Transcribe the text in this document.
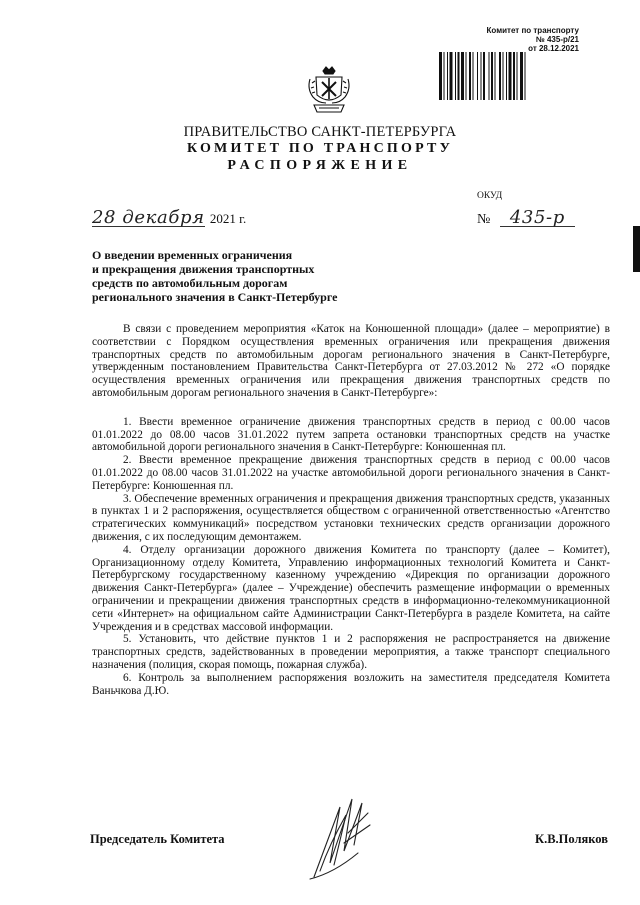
Комитет по транспорту
№ 435-р/21
от 28.12.2021
ПРАВИТЕЛЬСТВО САНКТ-ПЕТЕРБУРГА
КОМИТЕТ ПО ТРАНСПОРТУ
РАСПОРЯЖЕНИЕ
ОКУД
28 декабря 2021 г.	№ 435-р
О введении временных ограничения
и прекращения движения транспортных
средств по автомобильным дорогам
регионального значения в Санкт-Петербурге

В связи с проведением мероприятия «Каток на Конюшенной площади» (далее – мероприятие) в соответствии с Порядком осуществления временных ограничения или прекращения движения транспортных средств по автомобильным дорогам регионального значения в Санкт-Петербурге, утвержденным постановлением Правительства Санкт-Петербурга от 27.03.2012 № 272 «О порядке осуществления временных ограничения или прекращения движения транспортных средств по автомобильным дорогам регионального значения в Санкт-Петербурге»:

1. Ввести временное ограничение движения транспортных средств в период с 00.00 часов 01.01.2022 до 08.00 часов 31.01.2022 путем запрета остановки транспортных средств на участке автомобильной дороги регионального значения в Санкт-Петербурге: Конюшенная пл.

2. Ввести временное прекращение движения транспортных средств в период с 00.00 часов 01.01.2022 до 08.00 часов 31.01.2022 на участке автомобильной дороги регионального значения в Санкт-Петербурге: Конюшенная пл.

3. Обеспечение временных ограничения и прекращения движения транспортных средств, указанных в пунктах 1 и 2 распоряжения, осуществляется обществом с ограниченной ответственностью «Агентство стратегических коммуникаций» посредством установки технических средств организации дорожного движения, с их последующим демонтажем.

4. Отделу организации дорожного движения Комитета по транспорту (далее – Комитет), Организационному отделу Комитета, Управлению информационных технологий Комитета и Санкт-Петербургскому государственному казенному учреждению «Дирекция по организации дорожного движения Санкт-Петербурга» (далее – Учреждение) обеспечить размещение информации о временных ограничении и прекращении движения транспортных средств в информационно-телекоммуникационной сети «Интернет» на официальном сайте Администрации Санкт-Петербурга в разделе Комитета, на сайте Учреждения и в средствах массовой информации.

5. Установить, что действие пунктов 1 и 2 распоряжения не распространяется на движение транспортных средств, задействованных в проведении мероприятия, а также транспорт специального назначения (полиция, скорая помощь, пожарная служба).

6. Контроль за выполнением распоряжения возложить на заместителя председателя Комитета Ваньчкова Д.Ю.

Председатель Комитета	К.В.Поляков
